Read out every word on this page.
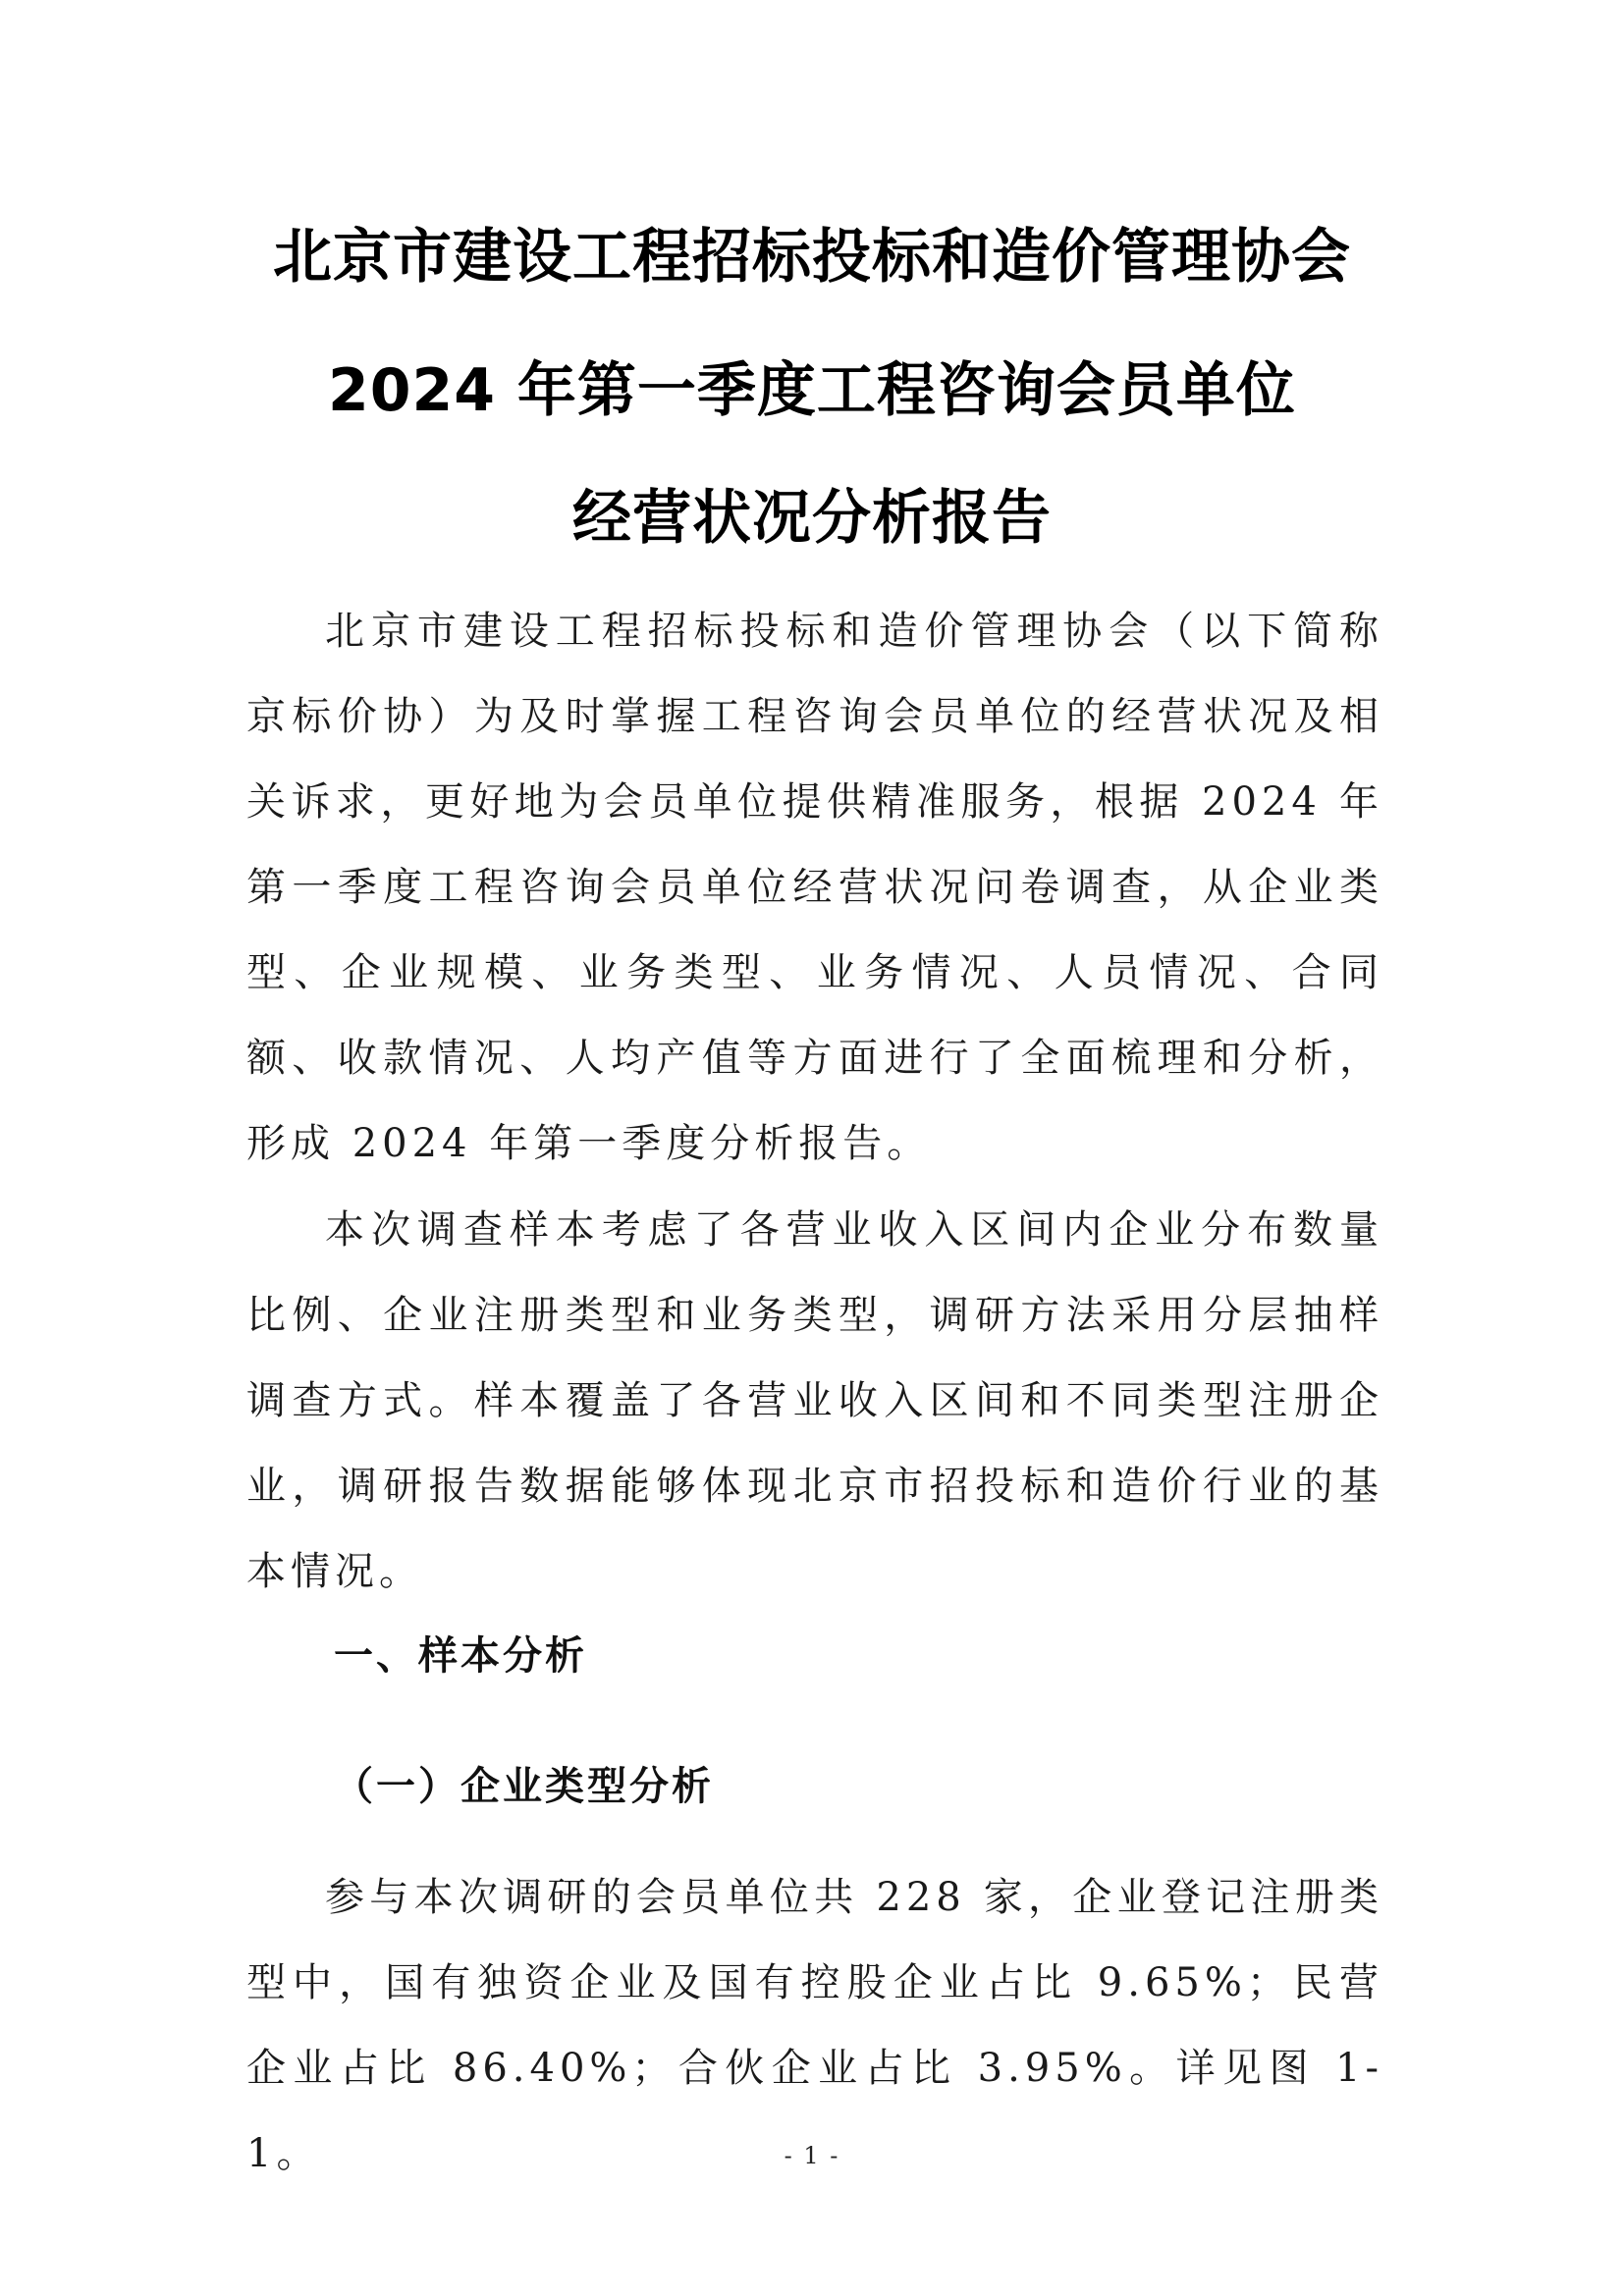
北京市建设工程招标投标和造价管理协会
2024 年第一季度工程咨询会员单位
经营状况分析报告

北京市建设工程招标投标和造价管理协会（以下简称京标价协）为及时掌握工程咨询会员单位的经营状况及相关诉求，更好地为会员单位提供精准服务，根据 2024 年第一季度工程咨询会员单位经营状况问卷调查，从企业类型、企业规模、业务类型、业务情况、人员情况、合同额、收款情况、人均产值等方面进行了全面梳理和分析，形成 2024 年第一季度分析报告。

本次调查样本考虑了各营业收入区间内企业分布数量比例、企业注册类型和业务类型，调研方法采用分层抽样调查方式。样本覆盖了各营业收入区间和不同类型注册企业，调研报告数据能够体现北京市招投标和造价行业的基本情况。

一、样本分析
（一）企业类型分析

参与本次调研的会员单位共 228 家，企业登记注册类型中，国有独资企业及国有控股企业占比 9.65%；民营企业占比 86.40%；合伙企业占比 3.95%。详见图 1-1。	- 1 -
